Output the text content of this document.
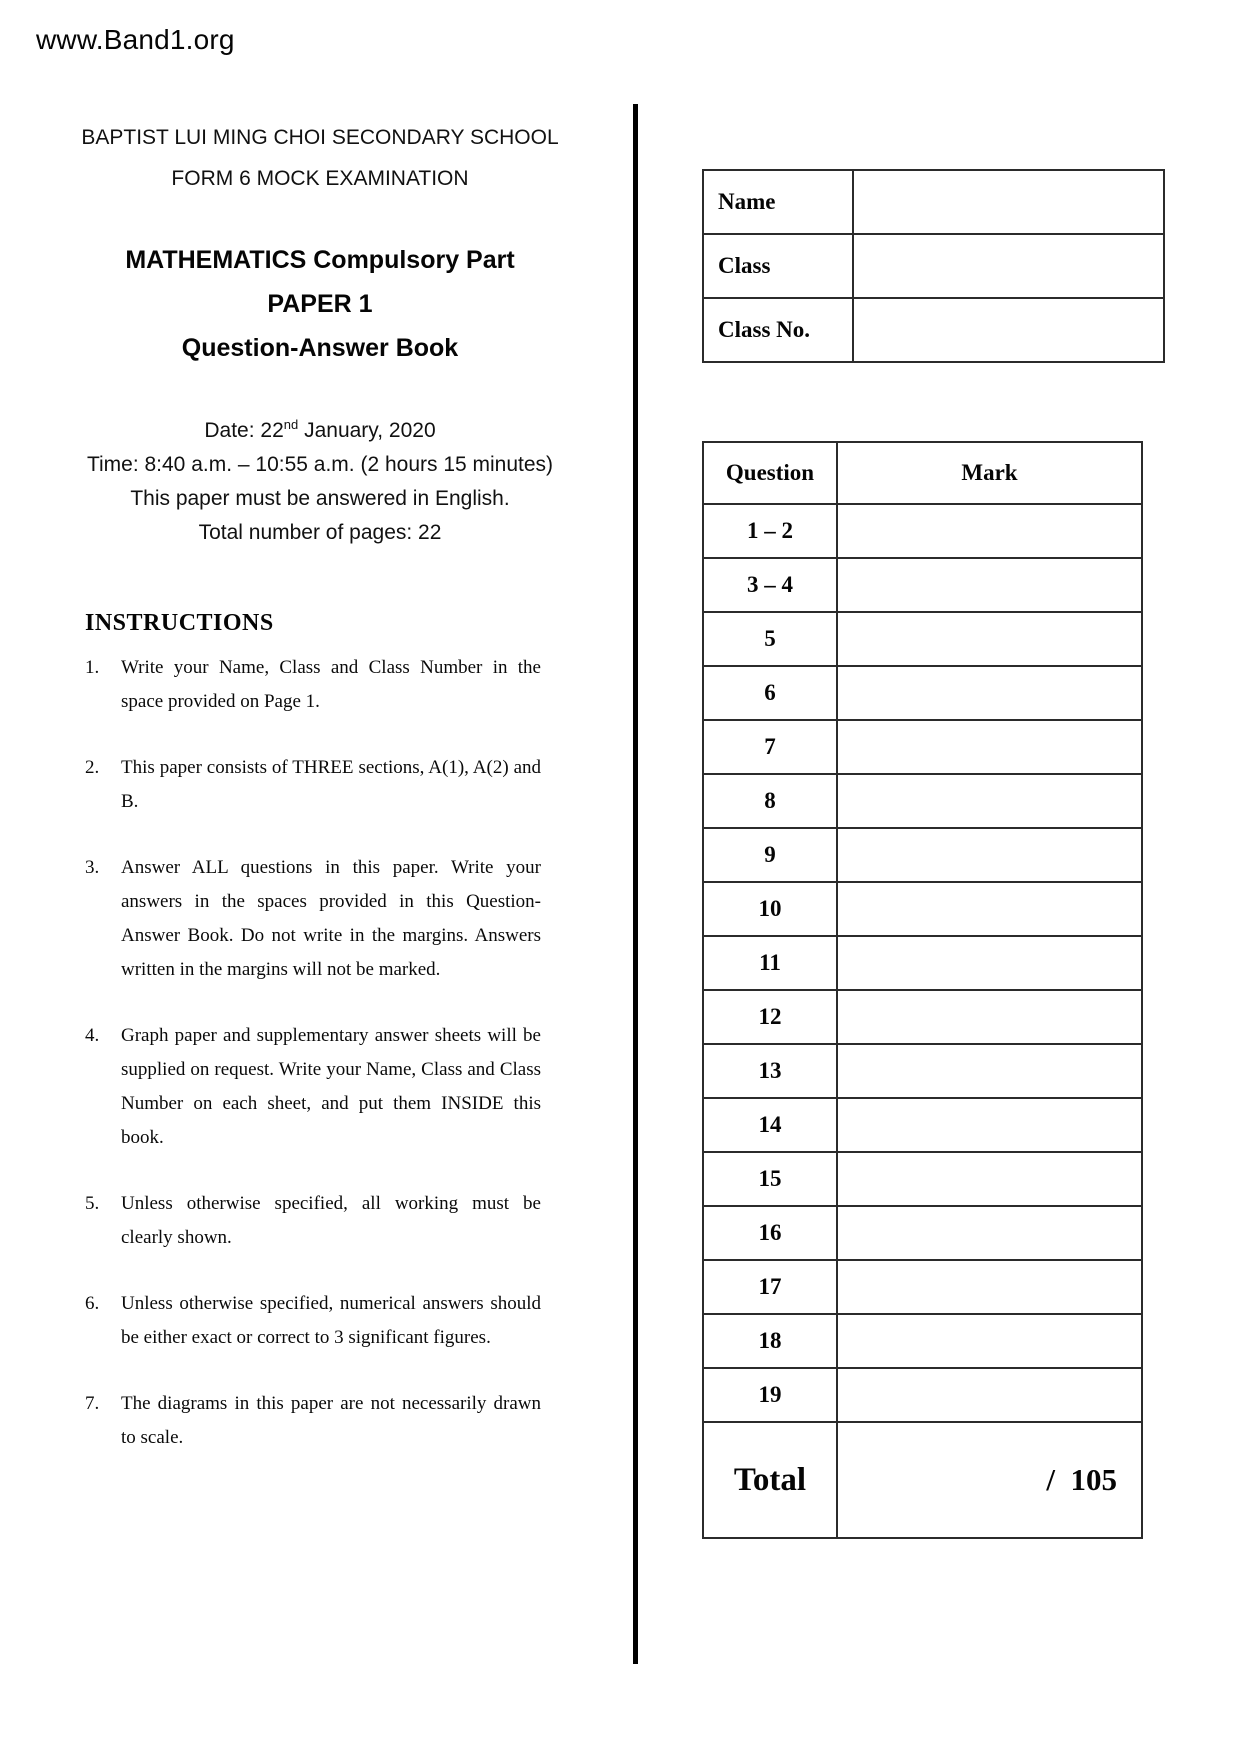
www.Band1.org
BAPTIST LUI MING CHOI SECONDARY SCHOOL
FORM 6 MOCK EXAMINATION
MATHEMATICS Compulsory Part
PAPER 1
Question-Answer Book
Date: 22nd January, 2020
Time: 8:40 a.m. – 10:55 a.m. (2 hours 15 minutes)
This paper must be answered in English.
Total number of pages: 22
INSTRUCTIONS
1.	Write your Name, Class and Class Number in the space provided on Page 1.
2.	This paper consists of THREE sections, A(1), A(2) and B.
3.	Answer ALL questions in this paper. Write your answers in the spaces provided in this Question-Answer Book. Do not write in the margins. Answers written in the margins will not be marked.
4.	Graph paper and supplementary answer sheets will be supplied on request. Write your Name, Class and Class Number on each sheet, and put them INSIDE this book.
5.	Unless otherwise specified, all working must be clearly shown.
6.	Unless otherwise specified, numerical answers should be either exact or correct to 3 significant figures.
7.	The diagrams in this paper are not necessarily drawn to scale.
Name	
Class	
Class No.	
Question	Mark
1 – 2	
3 – 4	
5	
6	
7	
8	
9	
10	
11	
12	
13	
14	
15	
16	
17	
18	
19	
Total	/  105
